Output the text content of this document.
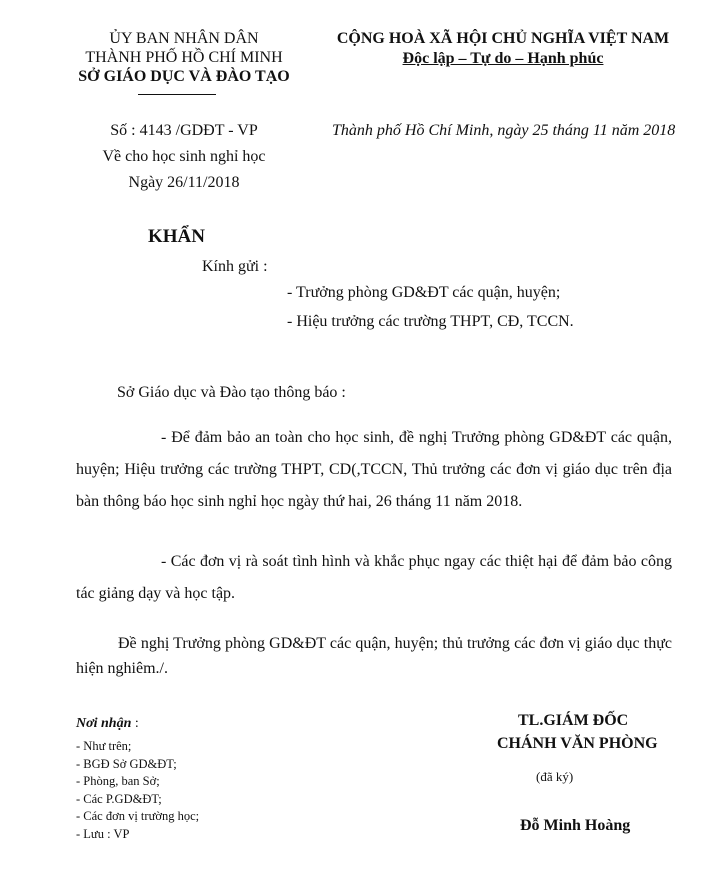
ỦY BAN NHÂN DÂN
THÀNH PHỐ HỒ CHÍ MINH
SỞ GIÁO DỤC VÀ ĐÀO TẠO
CỘNG HOÀ XÃ HỘI CHỦ NGHĨA VIỆT NAM
Độc lập – Tự do – Hạnh phúc
Số : 4143 /GDĐT - VP
Về cho học sinh nghỉ học
Ngày 26/11/2018
Thành phố Hồ Chí Minh, ngày 25 tháng 11 năm 2018
KHẨN
Kính gửi :
- Trưởng phòng GD&ĐT các quận, huyện;
- Hiệu trưởng các trường THPT, CĐ, TCCN.
Sở Giáo dục và Đào tạo thông báo :
- Để đảm bảo an toàn cho học sinh, đề nghị Trưởng phòng GD&ĐT các quận, huyện; Hiệu trưởng các trường THPT, CD(,TCCN, Thủ trưởng các đơn vị giáo dục trên địa bàn thông báo học sinh nghỉ học ngày thứ hai, 26 tháng 11 năm 2018.
- Các đơn vị rà soát tình hình và khắc phục ngay các thiệt hại để đảm bảo công tác giảng dạy và học tập.
Đề nghị Trưởng phòng GD&ĐT các quận, huyện; thủ trưởng các đơn vị giáo dục thực hiện nghiêm./.
Nơi nhận :
- Như trên;
- BGĐ Sở GD&ĐT;
- Phòng, ban Sở;
- Các P.GD&ĐT;
- Các đơn vị trường học;
- Lưu : VP
TL.GIÁM ĐỐC
CHÁNH VĂN PHÒNG
(đã ký)
Đỗ Minh Hoàng
